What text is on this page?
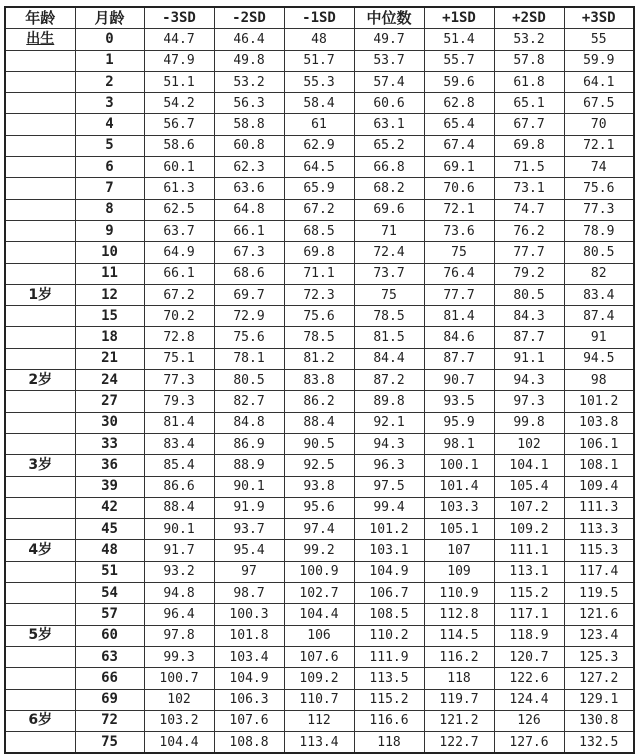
年龄	月龄	-3SD	-2SD	-1SD	中位数	+1SD	+2SD	+3SD
出生	0	44.7	46.4	48	49.7	51.4	53.2	55
	1	47.9	49.8	51.7	53.7	55.7	57.8	59.9
	2	51.1	53.2	55.3	57.4	59.6	61.8	64.1
	3	54.2	56.3	58.4	60.6	62.8	65.1	67.5
	4	56.7	58.8	61	63.1	65.4	67.7	70
	5	58.6	60.8	62.9	65.2	67.4	69.8	72.1
	6	60.1	62.3	64.5	66.8	69.1	71.5	74
	7	61.3	63.6	65.9	68.2	70.6	73.1	75.6
	8	62.5	64.8	67.2	69.6	72.1	74.7	77.3
	9	63.7	66.1	68.5	71	73.6	76.2	78.9
	10	64.9	67.3	69.8	72.4	75	77.7	80.5
	11	66.1	68.6	71.1	73.7	76.4	79.2	82
1岁	12	67.2	69.7	72.3	75	77.7	80.5	83.4
	15	70.2	72.9	75.6	78.5	81.4	84.3	87.4
	18	72.8	75.6	78.5	81.5	84.6	87.7	91
	21	75.1	78.1	81.2	84.4	87.7	91.1	94.5
2岁	24	77.3	80.5	83.8	87.2	90.7	94.3	98
	27	79.3	82.7	86.2	89.8	93.5	97.3	101.2
	30	81.4	84.8	88.4	92.1	95.9	99.8	103.8
	33	83.4	86.9	90.5	94.3	98.1	102	106.1
3岁	36	85.4	88.9	92.5	96.3	100.1	104.1	108.1
	39	86.6	90.1	93.8	97.5	101.4	105.4	109.4
	42	88.4	91.9	95.6	99.4	103.3	107.2	111.3
	45	90.1	93.7	97.4	101.2	105.1	109.2	113.3
4岁	48	91.7	95.4	99.2	103.1	107	111.1	115.3
	51	93.2	97	100.9	104.9	109	113.1	117.4
	54	94.8	98.7	102.7	106.7	110.9	115.2	119.5
	57	96.4	100.3	104.4	108.5	112.8	117.1	121.6
5岁	60	97.8	101.8	106	110.2	114.5	118.9	123.4
	63	99.3	103.4	107.6	111.9	116.2	120.7	125.3
	66	100.7	104.9	109.2	113.5	118	122.6	127.2
	69	102	106.3	110.7	115.2	119.7	124.4	129.1
6岁	72	103.2	107.6	112	116.6	121.2	126	130.8
	75	104.4	108.8	113.4	118	122.7	127.6	132.5
